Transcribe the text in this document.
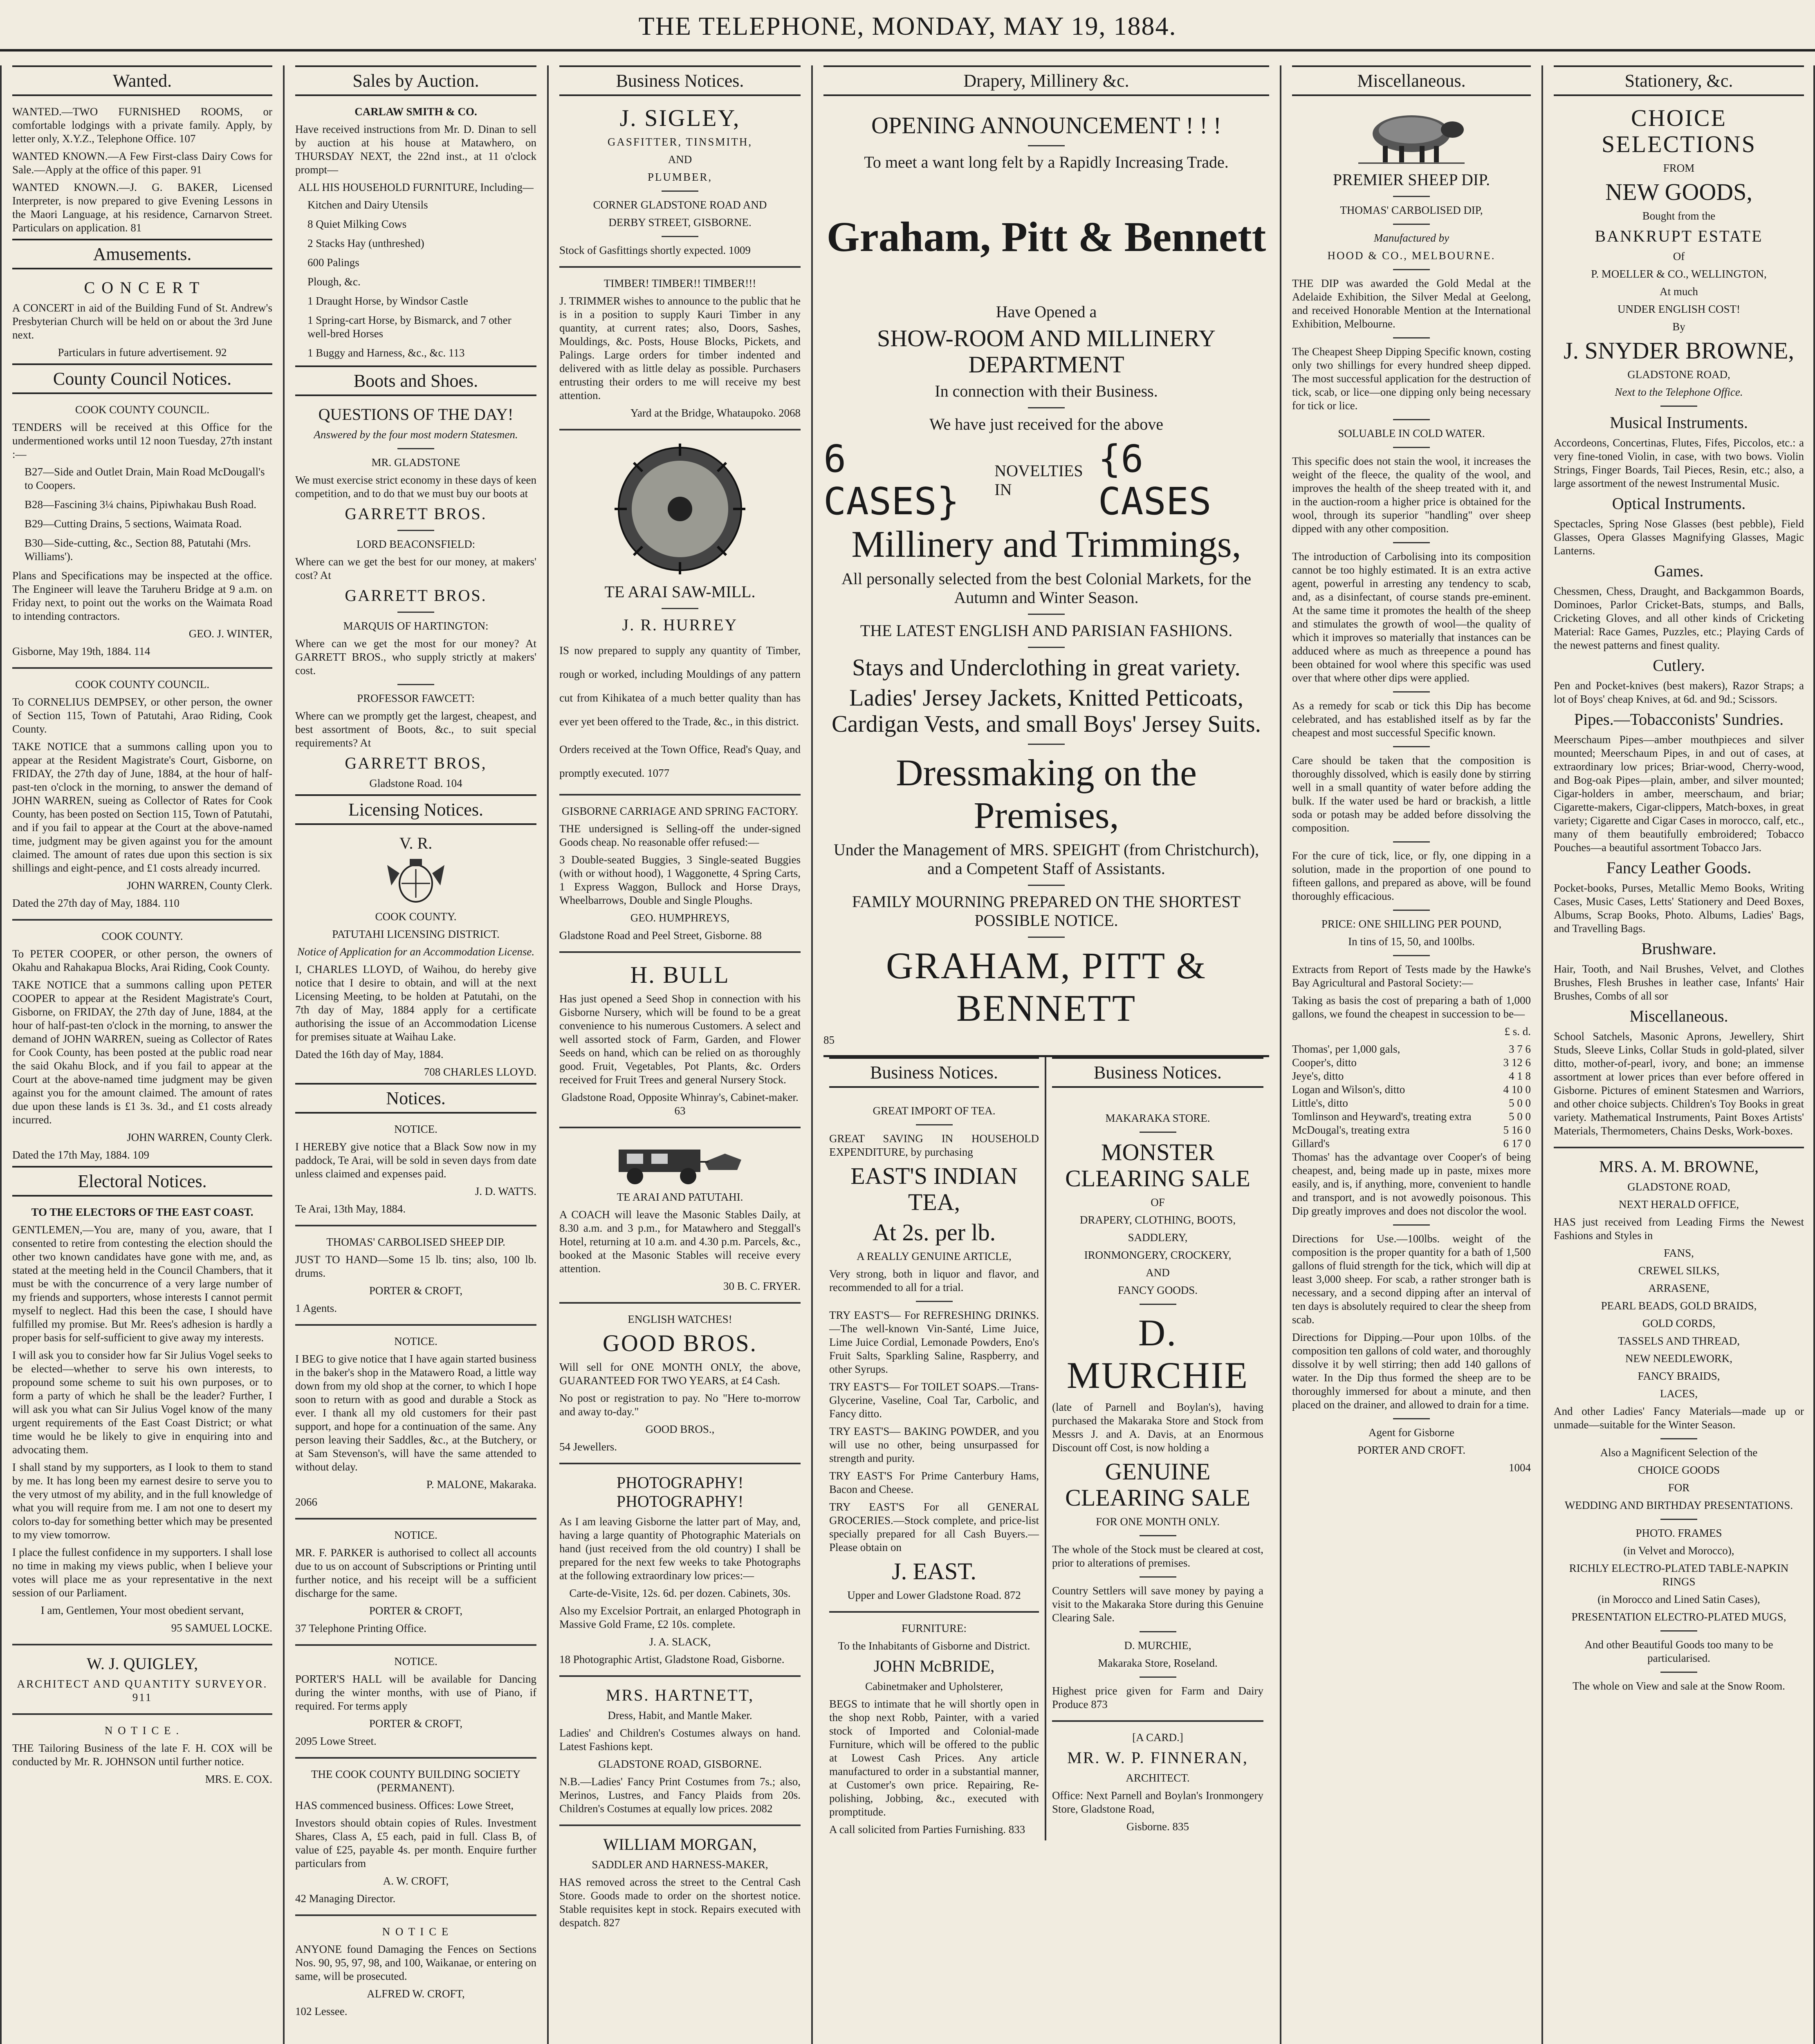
THE TELEPHONE, MONDAY, MAY 19, 1884.
Wanted.

WANTED.—TWO FURNISHED ROOMS, or comfortable lodgings with a private family. Apply, by letter only, X.Y.Z., Telephone Office. 107

WANTED KNOWN.—A Few First-class Dairy Cows for Sale.—Apply at the office of this paper. 91

WANTED KNOWN.—J. G. BAKER, Licensed Interpreter, is now prepared to give Evening Lessons in the Maori Language, at his residence, Carnarvon Street. Particulars on application. 81

Amusements.

C O N C E R T

A CONCERT in aid of the Building Fund of St. Andrew's Presbyterian Church will be held on or about the 3rd June next.

Particulars in future advertisement. 92

County Council Notices.

COOK COUNTY COUNCIL.

TENDERS will be received at this Office for the undermentioned works until 12 noon Tuesday, 27th instant :—

B27—Side and Outlet Drain, Main Road McDougall's to Coopers.

B28—Fascining 3¼ chains, Pipiwhakau Bush Road.

B29—Cutting Drains, 5 sections, Waimata Road.

B30—Side-cutting, &c., Section 88, Patutahi (Mrs. Williams').

Plans and Specifications may be inspected at the office. The Engineer will leave the Taruheru Bridge at 9 a.m. on Friday next, to point out the works on the Waimata Road to intending contractors.

GEO. J. WINTER,

Gisborne, May 19th, 1884. 114

COOK COUNTY COUNCIL.

To CORNELIUS DEMPSEY, or other person, the owner of Section 115, Town of Patutahi, Arao Riding, Cook County.

TAKE NOTICE that a summons calling upon you to appear at the Resident Magistrate's Court, Gisborne, on FRIDAY, the 27th day of June, 1884, at the hour of half-past-ten o'clock in the morning, to answer the demand of JOHN WARREN, sueing as Collector of Rates for Cook County, has been posted on Section 115, Town of Patutahi, and if you fail to appear at the Court at the above-named time, judgment may be given against you for the amount claimed. The amount of rates due upon this section is six shillings and eight-pence, and £1 costs already incurred.

JOHN WARREN, County Clerk.

Dated the 27th day of May, 1884. 110

COOK COUNTY.

To PETER COOPER, or other person, the owners of Okahu and Rahakapua Blocks, Arai Riding, Cook County.

TAKE NOTICE that a summons calling upon PETER COOPER to appear at the Resident Magistrate's Court, Gisborne, on FRIDAY, the 27th day of June, 1884, at the hour of half-past-ten o'clock in the morning, to answer the demand of JOHN WARREN, sueing as Collector of Rates for Cook County, has been posted at the public road near the said Okahu Block, and if you fail to appear at the Court at the above-named time judgment may be given against you for the amount claimed. The amount of rates due upon these lands is £1 3s. 3d., and £1 costs already incurred.

JOHN WARREN, County Clerk.

Dated the 17th May, 1884. 109

Electoral Notices.

TO THE ELECTORS OF THE EAST COAST.

GENTLEMEN,—You are, many of you, aware, that I consented to retire from contesting the election should the other two known candidates have gone with me, and, as stated at the meeting held in the Council Chambers, that it must be with the concurrence of a very large number of my friends and supporters, whose interests I cannot permit myself to neglect. Had this been the case, I should have fulfilled my promise. But Mr. Rees's adhesion is hardly a proper basis for self-sufficient to give away my interests.

I will ask you to consider how far Sir Julius Vogel seeks to be elected—whether to serve his own interests, to propound some scheme to suit his own purposes, or to form a party of which he shall be the leader? Further, I will ask you what can Sir Julius Vogel know of the many urgent requirements of the East Coast District; or what time would he be likely to give in enquiring into and advocating them.

I shall stand by my supporters, as I look to them to stand by me. It has long been my earnest desire to serve you to the very utmost of my ability, and in the full knowledge of what you will require from me. I am not one to desert my colors to-day for something better which may be presented to my view tomorrow.

I place the fullest confidence in my supporters. I shall lose no time in making my views public, when I believe your votes will place me as your representative in the next session of our Parliament.

I am, Gentlemen, Your most obedient servant,

95 SAMUEL LOCKE.

W. J. QUIGLEY,

ARCHITECT AND QUANTITY SURVEYOR. 911

N O T I C E .

THE Tailoring Business of the late F. H. COX will be conducted by Mr. R. JOHNSON until further notice.

MRS. E. COX.

Sales by Auction.

CARLAW SMITH & CO.

Have received instructions from Mr. D. Dinan to sell by auction at his house at Matawhero, on THURSDAY NEXT, the 22nd inst., at 11 o'clock prompt—

ALL HIS HOUSEHOLD FURNITURE, Including—

Kitchen and Dairy Utensils

8 Quiet Milking Cows

2 Stacks Hay (unthreshed)

600 Palings

Plough, &c.

1 Draught Horse, by Windsor Castle

1 Spring-cart Horse, by Bismarck, and 7 other well-bred Horses

1 Buggy and Harness, &c., &c. 113

Boots and Shoes.

QUESTIONS OF THE DAY!

Answered by the four most modern Statesmen.

MR. GLADSTONE

We must exercise strict economy in these days of keen competition, and to do that we must buy our boots at

GARRETT BROS.

LORD BEACONSFIELD:

Where can we get the best for our money, at makers' cost? At

GARRETT BROS.

MARQUIS OF HARTINGTON:

Where can we get the most for our money? At GARRETT BROS., who supply strictly at makers' cost.

PROFESSOR FAWCETT:

Where can we promptly get the largest, cheapest, and best assortment of Boots, &c., to suit special requirements? At

GARRETT BROS,

Gladstone Road. 104

Licensing Notices.

V. R.

COOK COUNTY.

PATUTAHI LICENSING DISTRICT.

Notice of Application for an Accommodation License.

I, CHARLES LLOYD, of Waihou, do hereby give notice that I desire to obtain, and will at the next Licensing Meeting, to be holden at Patutahi, on the 7th day of May, 1884 apply for a certificate authorising the issue of an Accommodation License for premises situate at Waihau Lake.

Dated the 16th day of May, 1884.

708 CHARLES LLOYD.

Notices.

NOTICE.

I HEREBY give notice that a Black Sow now in my paddock, Te Arai, will be sold in seven days from date unless claimed and expenses paid.

J. D. WATTS.

Te Arai, 13th May, 1884.

THOMAS' CARBOLISED SHEEP DIP.

JUST TO HAND—Some 15 lb. tins; also, 100 lb. drums.

PORTER & CROFT,

1 Agents.

NOTICE.

I BEG to give notice that I have again started business in the baker's shop in the Matawero Road, a little way down from my old shop at the corner, to which I hope soon to return with as good and durable a Stock as ever. I thank all my old customers for their past support, and hope for a continuation of the same. Any person leaving their Saddles, &c., at the Butchery, or at Sam Stevenson's, will have the same attended to without delay.

P. MALONE, Makaraka.

2066

NOTICE.

MR. F. PARKER is authorised to collect all accounts due to us on account of Subscriptions or Printing until further notice, and his receipt will be a sufficient discharge for the same.

PORTER & CROFT,

37 Telephone Printing Office.

NOTICE.

PORTER'S HALL will be available for Dancing during the winter months, with use of Piano, if required. For terms apply

PORTER & CROFT,

2095 Lowe Street.

THE COOK COUNTY BUILDING SOCIETY (PERMANENT).

HAS commenced business. Offices: Lowe Street,

Investors should obtain copies of Rules. Investment Shares, Class A, £5 each, paid in full. Class B, of value of £25, payable 4s. per month. Enquire further particulars from

A. W. CROFT,

42 Managing Director.

N O T I C E

ANYONE found Damaging the Fences on Sections Nos. 90, 95, 97, 98, and 100, Waikanae, or entering on same, will be prosecuted.

ALFRED W. CROFT,

102 Lessee.

Business Notices.

J. SIGLEY,

GASFITTER, TINSMITH,

AND

PLUMBER,

CORNER GLADSTONE ROAD AND

DERBY STREET, GISBORNE.

Stock of Gasfittings shortly expected. 1009

TIMBER! TIMBER!! TIMBER!!!

J. TRIMMER wishes to announce to the public that he is in a position to supply Kauri Timber in any quantity, at current rates; also, Doors, Sashes, Mouldings, &c. Posts, House Blocks, Pickets, and Palings. Large orders for timber indented and delivered with as little delay as possible. Purchasers entrusting their orders to me will receive my best attention.

Yard at the Bridge, Whataupoko. 2068

TE ARAI SAW-MILL.

J. R. HURREY

IS now prepared to supply any quantity of Timber, rough or worked, including Mouldings of any pattern cut from Kihikatea of a much better quality than has ever yet been offered to the Trade, &c., in this district.

Orders received at the Town Office, Read's Quay, and promptly executed. 1077

GISBORNE CARRIAGE AND SPRING FACTORY.

THE undersigned is Selling-off the under-signed Goods cheap. No reasonable offer refused:—

3 Double-seated Buggies, 3 Single-seated Buggies (with or without hood), 1 Waggonette, 4 Spring Carts, 1 Express Waggon, Bullock and Horse Drays, Wheelbarrows, Double and Single Ploughs.

GEO. HUMPHREYS,

Gladstone Road and Peel Street, Gisborne. 88

H. BULL

Has just opened a Seed Shop in connection with his Gisborne Nursery, which will be found to be a great convenience to his numerous Customers. A select and well assorted stock of Farm, Garden, and Flower Seeds on hand, which can be relied on as thoroughly good. Fruit, Vegetables, Pot Plants, &c. Orders received for Fruit Trees and general Nursery Stock.

Gladstone Road, Opposite Whinray's, Cabinet-maker. 63

TE ARAI AND PATUTAHI.

A COACH will leave the Masonic Stables Daily, at 8.30 a.m. and 3 p.m., for Matawhero and Steggall's Hotel, returning at 10 a.m. and 4.30 p.m. Parcels, &c., booked at the Masonic Stables will receive every attention.

30 B. C. FRYER.

ENGLISH WATCHES!

GOOD BROS.

Will sell for ONE MONTH ONLY, the above, GUARANTEED FOR TWO YEARS, at £4 Cash.

No post or registration to pay. No "Here to-morrow and away to-day."

GOOD BROS.,

54 Jewellers.

PHOTOGRAPHY! PHOTOGRAPHY!

As I am leaving Gisborne the latter part of May, and, having a large quantity of Photographic Materials on hand (just received from the old country) I shall be prepared for the next few weeks to take Photographs at the following extraordinary low prices:—

Carte-de-Visite, 12s. 6d. per dozen. Cabinets, 30s.

Also my Excelsior Portrait, an enlarged Photograph in Massive Gold Frame, £2 10s. complete.

J. A. SLACK,

18 Photographic Artist, Gladstone Road, Gisborne.

MRS. HARTNETT,

Dress, Habit, and Mantle Maker.

Ladies' and Children's Costumes always on hand. Latest Fashions kept.

GLADSTONE ROAD, GISBORNE.

N.B.—Ladies' Fancy Print Costumes from 7s.; also, Merinos, Lustres, and Fancy Plaids from 20s. Children's Costumes at equally low prices. 2082

WILLIAM MORGAN,

SADDLER AND HARNESS-MAKER,

HAS removed across the street to the Central Cash Store. Goods made to order on the shortest notice. Stable requisites kept in stock. Repairs executed with despatch. 827

Drapery, Millinery &c.

OPENING ANNOUNCEMENT ! ! !

To meet a want long felt by a Rapidly Increasing Trade.

Graham, Pitt & Bennett

Have Opened a

SHOW-ROOM AND MILLINERY DEPARTMENT

In connection with their Business.

We have just received for the above

6 CASES}
NOVELTIES IN
{6 CASES

Millinery and Trimmings,

All personally selected from the best Colonial Markets, for the Autumn and Winter Season.

THE LATEST ENGLISH AND PARISIAN FASHIONS.

Stays and Underclothing in great variety.

Ladies' Jersey Jackets, Knitted Petticoats, Cardigan Vests, and small Boys' Jersey Suits.

Dressmaking on the Premises,

Under the Management of MRS. SPEIGHT (from Christchurch), and a Competent Staff of Assistants.

FAMILY MOURNING PREPARED ON THE SHORTEST POSSIBLE NOTICE.

GRAHAM, PITT & BENNETT

85

Business Notices.

GREAT IMPORT OF TEA.

GREAT SAVING IN HOUSEHOLD EXPENDITURE, by purchasing

EAST'S INDIAN TEA,

At 2s. per lb.

A REALLY GENUINE ARTICLE,

Very strong, both in liquor and flavor, and recommended to all for a trial.

TRY EAST'S— For REFRESHING DRINKS.—The well-known Vin-Santé, Lime Juice, Lime Juice Cordial, Lemonade Powders, Eno's Fruit Salts, Sparkling Saline, Raspberry, and other Syrups.

TRY EAST'S— For TOILET SOAPS.—Trans-Glycerine, Vaseline, Coal Tar, Carbolic, and Fancy ditto.

TRY EAST'S— BAKING POWDER, and you will use no other, being unsurpassed for strength and purity.

TRY EAST'S For Prime Canterbury Hams, Bacon and Cheese.

TRY EAST'S For all GENERAL GROCERIES.—Stock complete, and price-list specially prepared for all Cash Buyers.—Please obtain on

J. EAST.

Upper and Lower Gladstone Road. 872

FURNITURE:

To the Inhabitants of Gisborne and District.

JOHN McBRIDE,

Cabinetmaker and Upholsterer,

BEGS to intimate that he will shortly open in the shop next Robb, Painter, with a varied stock of Imported and Colonial-made Furniture, which will be offered to the public at Lowest Cash Prices. Any article manufactured to order in a substantial manner, at Customer's own price. Repairing, Re-polishing, Jobbing, &c., executed with promptitude.

A call solicited from Parties Furnishing. 833

Business Notices.

MAKARAKA STORE.

MONSTER CLEARING SALE

OF

DRAPERY, CLOTHING, BOOTS,

SADDLERY,

IRONMONGERY, CROCKERY,

AND

FANCY GOODS.

D. MURCHIE

(late of Parnell and Boylan's), having purchased the Makaraka Store and Stock from Messrs J. and A. Davis, at an Enormous Discount off Cost, is now holding a

GENUINE CLEARING SALE

FOR ONE MONTH ONLY.

The whole of the Stock must be cleared at cost, prior to alterations of premises.

Country Settlers will save money by paying a visit to the Makaraka Store during this Genuine Clearing Sale.

D. MURCHIE,

Makaraka Store, Roseland.

Highest price given for Farm and Dairy Produce 873

[A CARD.]

MR. W. P. FINNERAN,

ARCHITECT.

Office: Next Parnell and Boylan's Ironmongery Store, Gladstone Road,

Gisborne. 835

Miscellaneous.

PREMIER SHEEP DIP.

THOMAS' CARBOLISED DIP,

Manufactured by

HOOD & CO., MELBOURNE.

THE DIP was awarded the Gold Medal at the Adelaide Exhibition, the Silver Medal at Geelong, and received Honorable Mention at the International Exhibition, Melbourne.

The Cheapest Sheep Dipping Specific known, costing only two shillings for every hundred sheep dipped. The most successful application for the destruction of tick, scab, or lice—one dipping only being necessary for tick or lice.

SOLUABLE IN COLD WATER.

This specific does not stain the wool, it increases the weight of the fleece, the quality of the wool, and improves the health of the sheep treated with it, and in the auction-room a higher price is obtained for the wool, through its superior "handling" over sheep dipped with any other composition.

The introduction of Carbolising into its composition cannot be too highly estimated. It is an extra active agent, powerful in arresting any tendency to scab, and, as a disinfectant, of course stands pre-eminent. At the same time it promotes the health of the sheep and stimulates the growth of wool—the quality of which it improves so materially that instances can be adduced where as much as threepence a pound has been obtained for wool where this specific was used over that where other dips were applied.

As a remedy for scab or tick this Dip has become celebrated, and has established itself as by far the cheapest and most successful Specific known.

Care should be taken that the composition is thoroughly dissolved, which is easily done by stirring well in a small quantity of water before adding the bulk. If the water used be hard or brackish, a little soda or potash may be added before dissolving the composition.

For the cure of tick, lice, or fly, one dipping in a solution, made in the proportion of one pound to fifteen gallons, and prepared as above, will be found thoroughly efficacious.

PRICE: ONE SHILLING PER POUND,

In tins of 15, 50, and 100lbs.

Extracts from Report of Tests made by the Hawke's Bay Agricultural and Pastoral Society:—

Taking as basis the cost of preparing a bath of 1,000 gallons, we found the cheapest in succession to be—

£ s. d.

Thomas', per 1,000 gals,	3 7 6
Cooper's, ditto	3 12 6
Jeye's, ditto	4 1 8
Logan and Wilson's, ditto	4 10 0
Little's, ditto	5 0 0
Tomlinson and Heyward's, treating extra	5 0 0
McDougal's, treating extra	5 16 0
Gillard's	6 17 0

Thomas' has the advantage over Cooper's of being cheapest, and, being made up in paste, mixes more easily, and is, if anything, more, convenient to handle and transport, and is not avowedly poisonous. This Dip greatly improves and does not discolor the wool.

Directions for Use.—100lbs. weight of the composition is the proper quantity for a bath of 1,500 gallons of fluid strength for the tick, which will dip at least 3,000 sheep. For scab, a rather stronger bath is necessary, and a second dipping after an interval of ten days is absolutely required to clear the sheep from scab.

Directions for Dipping.—Pour upon 10lbs. of the composition ten gallons of cold water, and thoroughly dissolve it by well stirring; then add 140 gallons of water. In the Dip thus formed the sheep are to be thoroughly immersed for about a minute, and then placed on the drainer, and allowed to drain for a time.

Agent for Gisborne

PORTER AND CROFT.

1004

Stationery, &c.

CHOICE SELECTIONS

FROM

NEW GOODS,

Bought from the

BANKRUPT ESTATE

Of

P. MOELLER & CO., WELLINGTON,

At much

UNDER ENGLISH COST!

By

J. SNYDER BROWNE,

GLADSTONE ROAD,

Next to the Telephone Office.

Musical Instruments.

Accordeons, Concertinas, Flutes, Fifes, Piccolos, etc.: a very fine-toned Violin, in case, with two bows. Violin Strings, Finger Boards, Tail Pieces, Resin, etc.; also, a large assortment of the newest Instrumental Music.

Optical Instruments.

Spectacles, Spring Nose Glasses (best pebble), Field Glasses, Opera Glasses Magnifying Glasses, Magic Lanterns.

Games.

Chessmen, Chess, Draught, and Backgammon Boards, Dominoes, Parlor Cricket-Bats, stumps, and Balls, Cricketing Gloves, and all other kinds of Cricketing Material: Race Games, Puzzles, etc.; Playing Cards of the newest patterns and finest quality.

Cutlery.

Pen and Pocket-knives (best makers), Razor Straps; a lot of Boys' cheap Knives, at 6d. and 9d.; Scissors.

Pipes.—Tobacconists' Sundries.

Meerschaum Pipes—amber mouthpieces and silver mounted; Meerschaum Pipes, in and out of cases, at extraordinary low prices; Briar-wood, Cherry-wood, and Bog-oak Pipes—plain, amber, and silver mounted; Cigar-holders in amber, meerschaum, and briar; Cigarette-makers, Cigar-clippers, Match-boxes, in great variety; Cigarette and Cigar Cases in morocco, calf, etc., many of them beautifully embroidered; Tobacco Pouches—a beautiful assortment Tobacco Jars.

Fancy Leather Goods.

Pocket-books, Purses, Metallic Memo Books, Writing Cases, Music Cases, Letts' Stationery and Deed Boxes, Albums, Scrap Books, Photo. Albums, Ladies' Bags, and Travelling Bags.

Brushware.

Hair, Tooth, and Nail Brushes, Velvet, and Clothes Brushes, Flesh Brushes in leather case, Infants' Hair Brushes, Combs of all sor

Miscellaneous.

School Satchels, Masonic Aprons, Jewellery, Shirt Studs, Sleeve Links, Collar Studs in gold-plated, silver ditto, mother-of-pearl, ivory, and bone; an immense assortment at lower prices than ever before offered in Gisborne. Pictures of eminent Statesmen and Warriors, and other choice subjects. Children's Toy Books in great variety. Mathematical Instruments, Paint Boxes Artists' Materials, Thermometers, Chains Desks, Work-boxes.

MRS. A. M. BROWNE,

GLADSTONE ROAD,

NEXT HERALD OFFICE,

HAS just received from Leading Firms the Newest Fashions and Styles in

FANS,

CREWEL SILKS,

ARRASENE,

PEARL BEADS, GOLD BRAIDS,

GOLD CORDS,

TASSELS AND THREAD,

NEW NEEDLEWORK,

FANCY BRAIDS,

LACES,

And other Ladies' Fancy Materials—made up or unmade—suitable for the Winter Season.

Also a Magnificent Selection of the

CHOICE GOODS

FOR

WEDDING AND BIRTHDAY PRESENTATIONS.

PHOTO. FRAMES

(in Velvet and Morocco),

RICHLY ELECTRO-PLATED TABLE-NAPKIN RINGS

(in Morocco and Lined Satin Cases),

PRESENTATION ELECTRO-PLATED MUGS,

And other Beautiful Goods too many to be particularised.

The whole on View and sale at the Snow Room.
